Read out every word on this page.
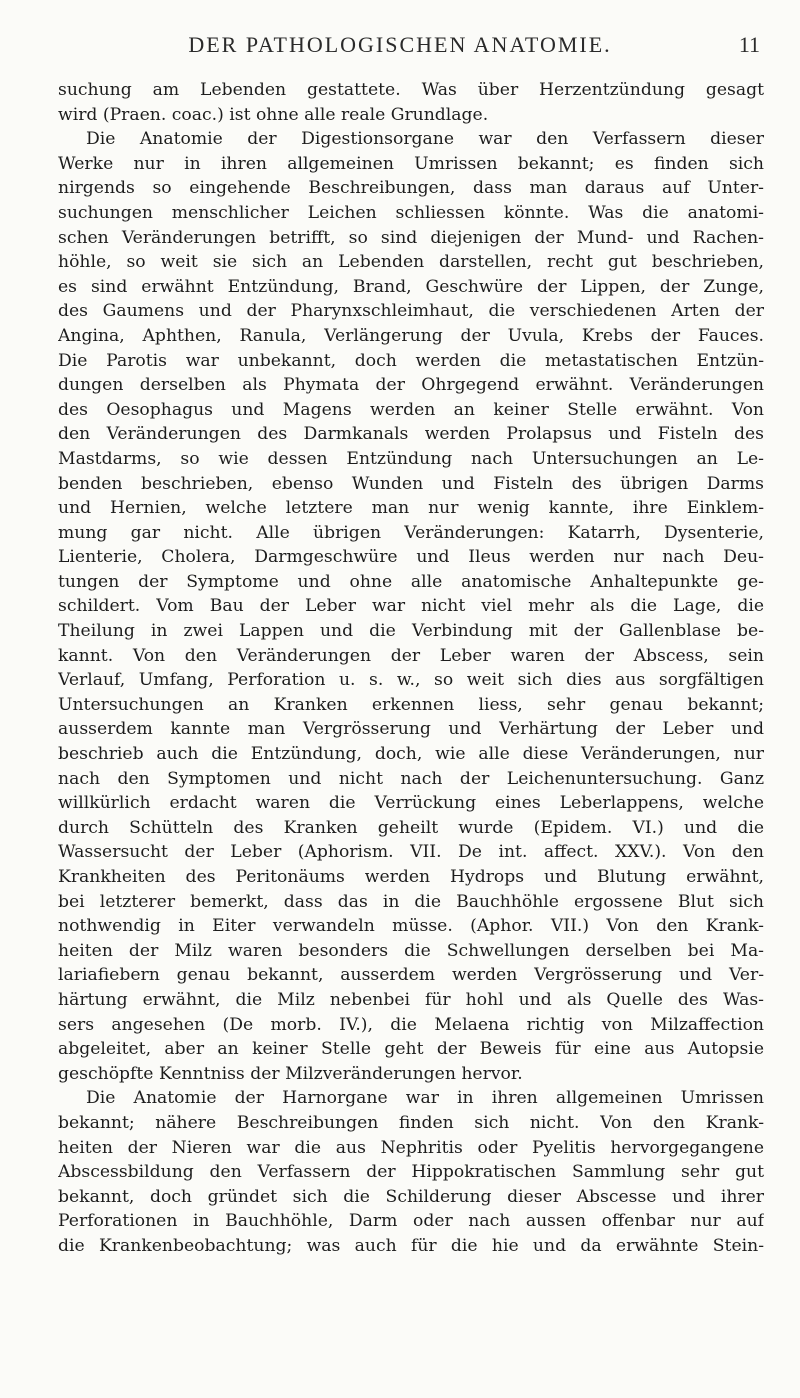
DER PATHOLOGISCHEN ANATOMIE.	11
suchung am Lebenden gestattete. Was über Herzentzündung gesagt
wird (Praen. coac.) ist ohne alle reale Grundlage.
Die Anatomie der Digestionsorgane war den Verfassern dieser
Werke nur in ihren allgemeinen Umrissen bekannt; es finden sich
nirgends so eingehende Beschreibungen, dass man daraus auf Unter-
suchungen menschlicher Leichen schliessen könnte. Was die anatomi-
schen Veränderungen betrifft, so sind diejenigen der Mund- und Rachen-
höhle, so weit sie sich an Lebenden darstellen, recht gut beschrieben,
es sind erwähnt Entzündung, Brand, Geschwüre der Lippen, der Zunge,
des Gaumens und der Pharynxschleimhaut, die verschiedenen Arten der
Angina, Aphthen, Ranula, Verlängerung der Uvula, Krebs der Fauces.
Die Parotis war unbekannt, doch werden die metastatischen Entzün-
dungen derselben als Phymata der Ohrgegend erwähnt. Veränderungen
des Oesophagus und Magens werden an keiner Stelle erwähnt. Von
den Veränderungen des Darmkanals werden Prolapsus und Fisteln des
Mastdarms, so wie dessen Entzündung nach Untersuchungen an Le-
benden beschrieben, ebenso Wunden und Fisteln des übrigen Darms
und Hernien, welche letztere man nur wenig kannte, ihre Einklem-
mung gar nicht. Alle übrigen Veränderungen: Katarrh, Dysenterie,
Lienterie, Cholera, Darmgeschwüre und Ileus werden nur nach Deu-
tungen der Symptome und ohne alle anatomische Anhaltepunkte ge-
schildert. Vom Bau der Leber war nicht viel mehr als die Lage, die
Theilung in zwei Lappen und die Verbindung mit der Gallenblase be-
kannt. Von den Veränderungen der Leber waren der Abscess, sein
Verlauf, Umfang, Perforation u. s. w., so weit sich dies aus sorgfältigen
Untersuchungen an Kranken erkennen liess, sehr genau bekannt;
ausserdem kannte man Vergrösserung und Verhärtung der Leber und
beschrieb auch die Entzündung, doch, wie alle diese Veränderungen, nur
nach den Symptomen und nicht nach der Leichenuntersuchung. Ganz
willkürlich erdacht waren die Verrückung eines Leberlappens, welche
durch Schütteln des Kranken geheilt wurde (Epidem. VI.) und die
Wassersucht der Leber (Aphorism. VII. De int. affect. XXV.). Von den
Krankheiten des Peritonäums werden Hydrops und Blutung erwähnt,
bei letzterer bemerkt, dass das in die Bauchhöhle ergossene Blut sich
nothwendig in Eiter verwandeln müsse. (Aphor. VII.) Von den Krank-
heiten der Milz waren besonders die Schwellungen derselben bei Ma-
lariafiebern genau bekannt, ausserdem werden Vergrösserung und Ver-
härtung erwähnt, die Milz nebenbei für hohl und als Quelle des Was-
sers angesehen (De morb. IV.), die Melaena richtig von Milzaffection
abgeleitet, aber an keiner Stelle geht der Beweis für eine aus Autopsie
geschöpfte Kenntniss der Milzveränderungen hervor.
Die Anatomie der Harnorgane war in ihren allgemeinen Umrissen
bekannt; nähere Beschreibungen finden sich nicht. Von den Krank-
heiten der Nieren war die aus Nephritis oder Pyelitis hervorgegangene
Abscessbildung den Verfassern der Hippokratischen Sammlung sehr gut
bekannt, doch gründet sich die Schilderung dieser Abscesse und ihrer
Perforationen in Bauchhöhle, Darm oder nach aussen offenbar nur auf
die Krankenbeobachtung; was auch für die hie und da erwähnte Stein-
